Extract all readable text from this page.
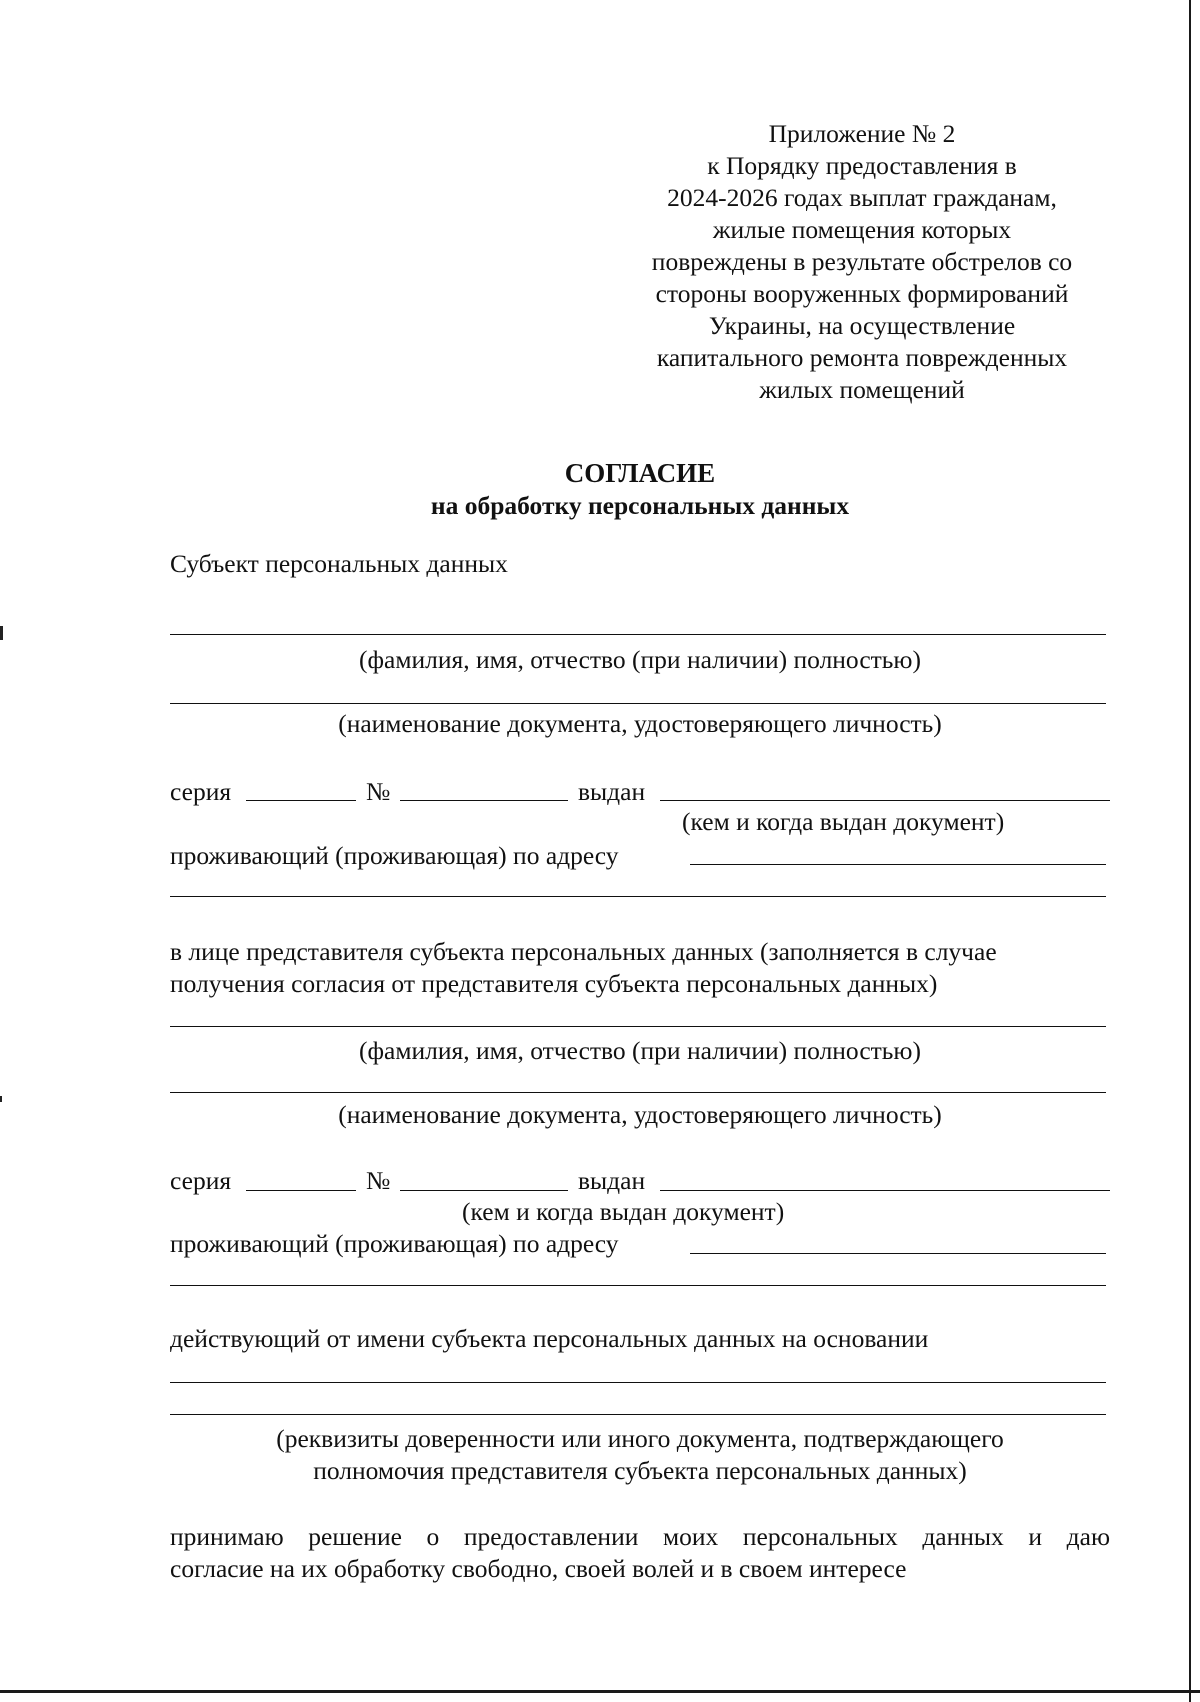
Приложение № 2
к Порядку предоставления в
2024-2026 годах выплат гражданам,
жилые помещения которых
повреждены в результате обстрелов со
стороны вооруженных формирований
Украины, на осуществление
капитального ремонта поврежденных
жилых помещений
СОГЛАСИЕ
на обработку персональных данных
Субъект персональных данных
(фамилия, имя, отчество (при наличии) полностью)
(наименование документа, удостоверяющего личность)
серия	№	выдан
(кем и когда выдан документ)
проживающий (проживающая) по адресу
в лице представителя субъекта персональных данных (заполняется в случае
получения согласия от представителя субъекта персональных данных)
(фамилия, имя, отчество (при наличии) полностью)
(наименование документа, удостоверяющего личность)
серия	№	выдан
(кем и когда выдан документ)
проживающий (проживающая) по адресу
действующий от имени субъекта персональных данных на основании
(реквизиты доверенности или иного документа, подтверждающего
полномочия представителя субъекта персональных данных)
принимаю решение о предоставлении моих персональных данных и даю
согласие на их обработку свободно, своей волей и в своем интересе
